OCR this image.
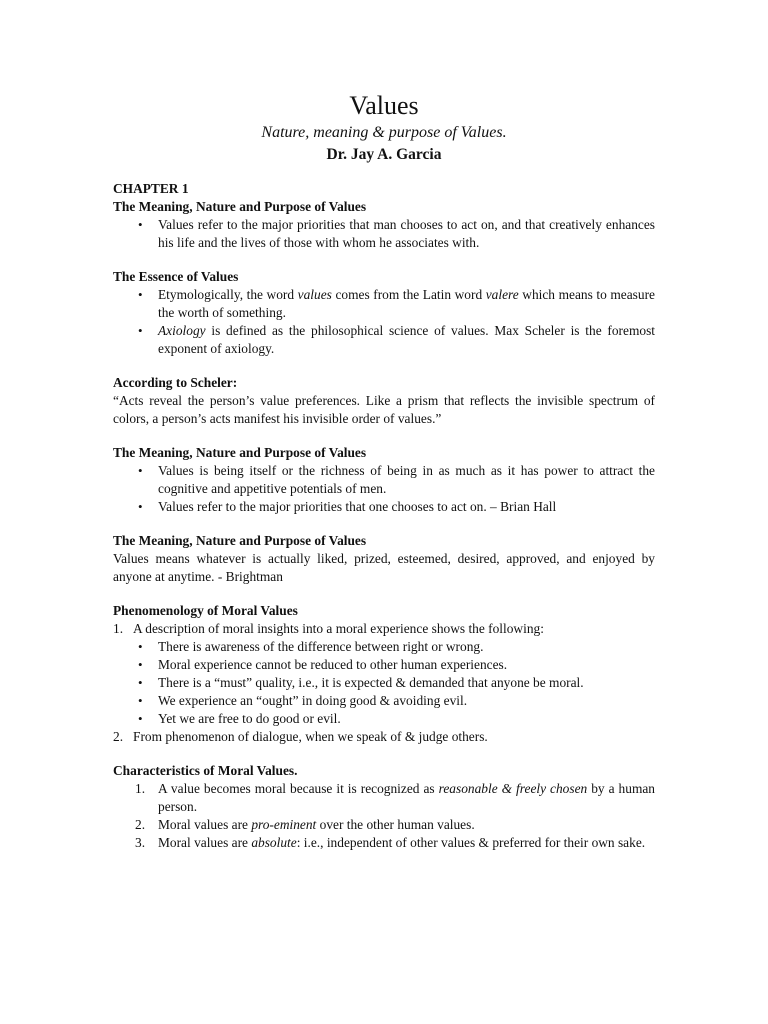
Values

Nature, meaning & purpose of Values.

Dr. Jay A. Garcia

CHAPTER 1
The Meaning, Nature and Purpose of Values
• Values refer to the major priorities that man chooses to act on, and that creatively enhances his life and the lives of those with whom he associates with.
The Essence of Values
• Etymologically, the word values comes from the Latin word valere which means to measure the worth of something.
• Axiology is defined as the philosophical science of values. Max Scheler is the foremost exponent of axiology.
According to Scheler:
“Acts reveal the person’s value preferences. Like a prism that reflects the invisible spectrum of colors, a person’s acts manifest his invisible order of values.”
The Meaning, Nature and Purpose of Values
• Values is being itself or the richness of being in as much as it has power to attract the cognitive and appetitive potentials of men.
• Values refer to the major priorities that one chooses to act on. – Brian Hall
The Meaning, Nature and Purpose of Values
Values means whatever is actually liked, prized, esteemed, desired, approved, and enjoyed by anyone at anytime. - Brightman
Phenomenology of Moral Values
1. A description of moral insights into a moral experience shows the following:
• There is awareness of the difference between right or wrong.
• Moral experience cannot be reduced to other human experiences.
• There is a “must” quality, i.e., it is expected & demanded that anyone be moral.
• We experience an “ought” in doing good & avoiding evil.
• Yet we are free to do good or evil.
2. From phenomenon of dialogue, when we speak of & judge others.
Characteristics of Moral Values.
1. A value becomes moral because it is recognized as reasonable & freely chosen by a human person.
2. Moral values are pro-eminent over the other human values.
3. Moral values are absolute: i.e., independent of other values & preferred for their own sake.
